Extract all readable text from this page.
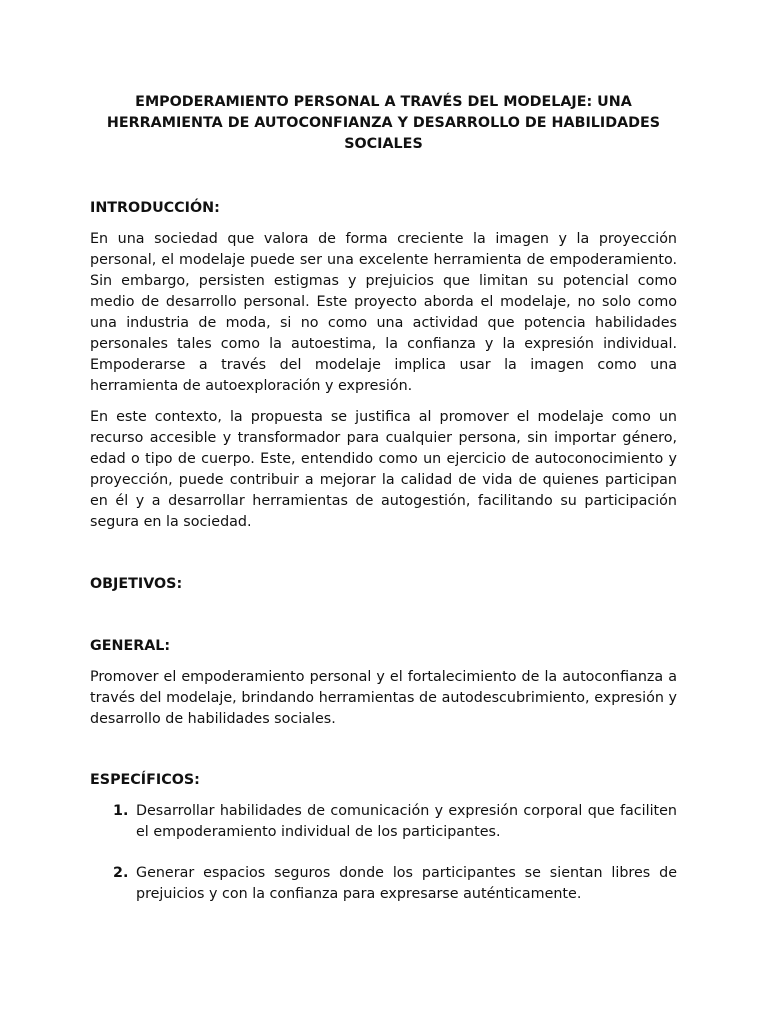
EMPODERAMIENTO PERSONAL A TRAVÉS DEL MODELAJE: UNA HERRAMIENTA DE AUTOCONFIANZA Y DESARROLLO DE HABILIDADES SOCIALES
INTRODUCCIÓN:

En una sociedad que valora de forma creciente la imagen y la proyección personal, el modelaje puede ser una excelente herramienta de empoderamiento. Sin embargo, persisten estigmas y prejuicios que limitan su potencial como medio de desarrollo personal. Este proyecto aborda el modelaje, no solo como una industria de moda, si no como una actividad que potencia habilidades personales tales como la autoestima, la confianza y la expresión individual. Empoderarse a través del modelaje implica usar la imagen como una herramienta de autoexploración y expresión.

En este contexto, la propuesta se justifica al promover el modelaje como un recurso accesible y transformador para cualquier persona, sin importar género, edad o tipo de cuerpo. Este, entendido como un ejercicio de autoconocimiento y proyección, puede contribuir a mejorar la calidad de vida de quienes participan en él y a desarrollar herramientas de autogestión, facilitando su participación segura en la sociedad.

OBJETIVOS:
GENERAL:

Promover el empoderamiento personal y el fortalecimiento de la autoconfianza a través del modelaje, brindando herramientas de autodescubrimiento, expresión y desarrollo de habilidades sociales.

ESPECÍFICOS:
1. Desarrollar habilidades de comunicación y expresión corporal que faciliten el empoderamiento individual de los participantes.
2. Generar espacios seguros donde los participantes se sientan libres de prejuicios y con la confianza para expresarse auténticamente.
